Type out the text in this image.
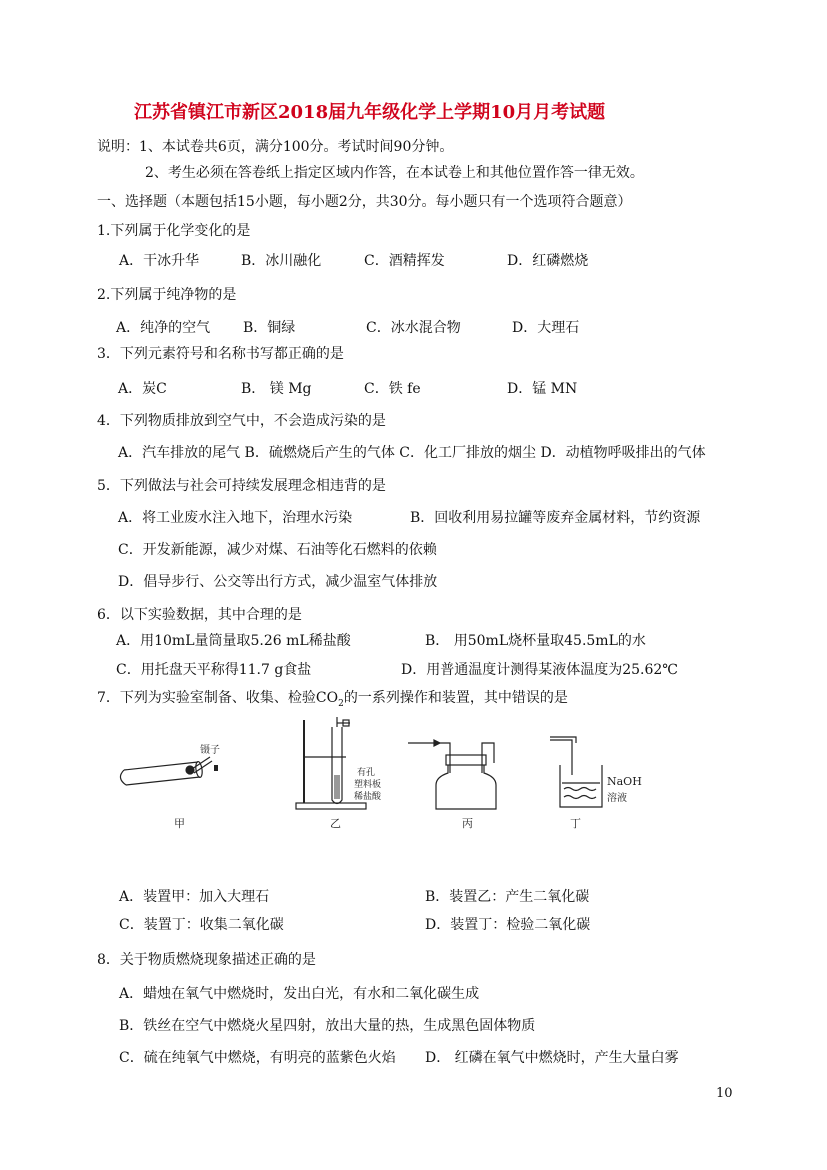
江苏省镇江市新区2018届九年级化学上学期10月月考试题
说明：1、本试卷共6页，满分100分。考试时间90分钟。
2、考生必须在答卷纸上指定区域内作答，在本试卷上和其他位置作答一律无效。
一、选择题（本题包括15小题，每小题2分，共30分。每小题只有一个选项符合题意）
1.下列属于化学变化的是
A．干冰升华	B．冰川融化	C．酒精挥发	D．红磷燃烧
2.下列属于纯净物的是
A．纯净的空气 B．铜绿	C．冰水混合物	D．大理石
3．下列元素符号和名称书写都正确的是
A．炭C	B． 镁 Mg	C．铁 fe	D．锰 MN
4．下列物质排放到空气中，不会造成污染的是
A．汽车排放的尾气 B．硫燃烧后产生的气体 C．化工厂排放的烟尘 D．动植物呼吸排出的气体
5．下列做法与社会可持续发展理念相违背的是
A．将工业废水注入地下，治理水污染	B．回收利用易拉罐等废弃金属材料，节约资源
C．开发新能源，减少对煤、石油等化石燃料的依赖
D．倡导步行、公交等出行方式，减少温室气体排放
6．以下实验数据，其中合理的是
A．用10mL量筒量取5.26 mL稀盐酸	B． 用50mL烧杯量取45.5mL的水
C．用托盘天平称得11.7 g食盐	D．用普通温度计测得某液体温度为25.62℃
7．下列为实验室制备、收集、检验$CO_2$的一系列操作和装置，其中错误的是
镊子
有孔
塑料板
稀盐酸
NaOH
溶液
甲	乙	丙	丁
A．装置甲：加入大理石	B．装置乙：产生二氧化碳
C．装置丁：收集二氧化碳	D．装置丁：检验二氧化碳
8．关于物质燃烧现象描述正确的是
A．蜡烛在氧气中燃烧时，发出白光，有水和二氧化碳生成
B．铁丝在空气中燃烧火星四射，放出大量的热，生成黑色固体物质
C．硫在纯氧气中燃烧，有明亮的蓝紫色火焰 D． 红磷在氧气中燃烧时，产生大量白雾
10
